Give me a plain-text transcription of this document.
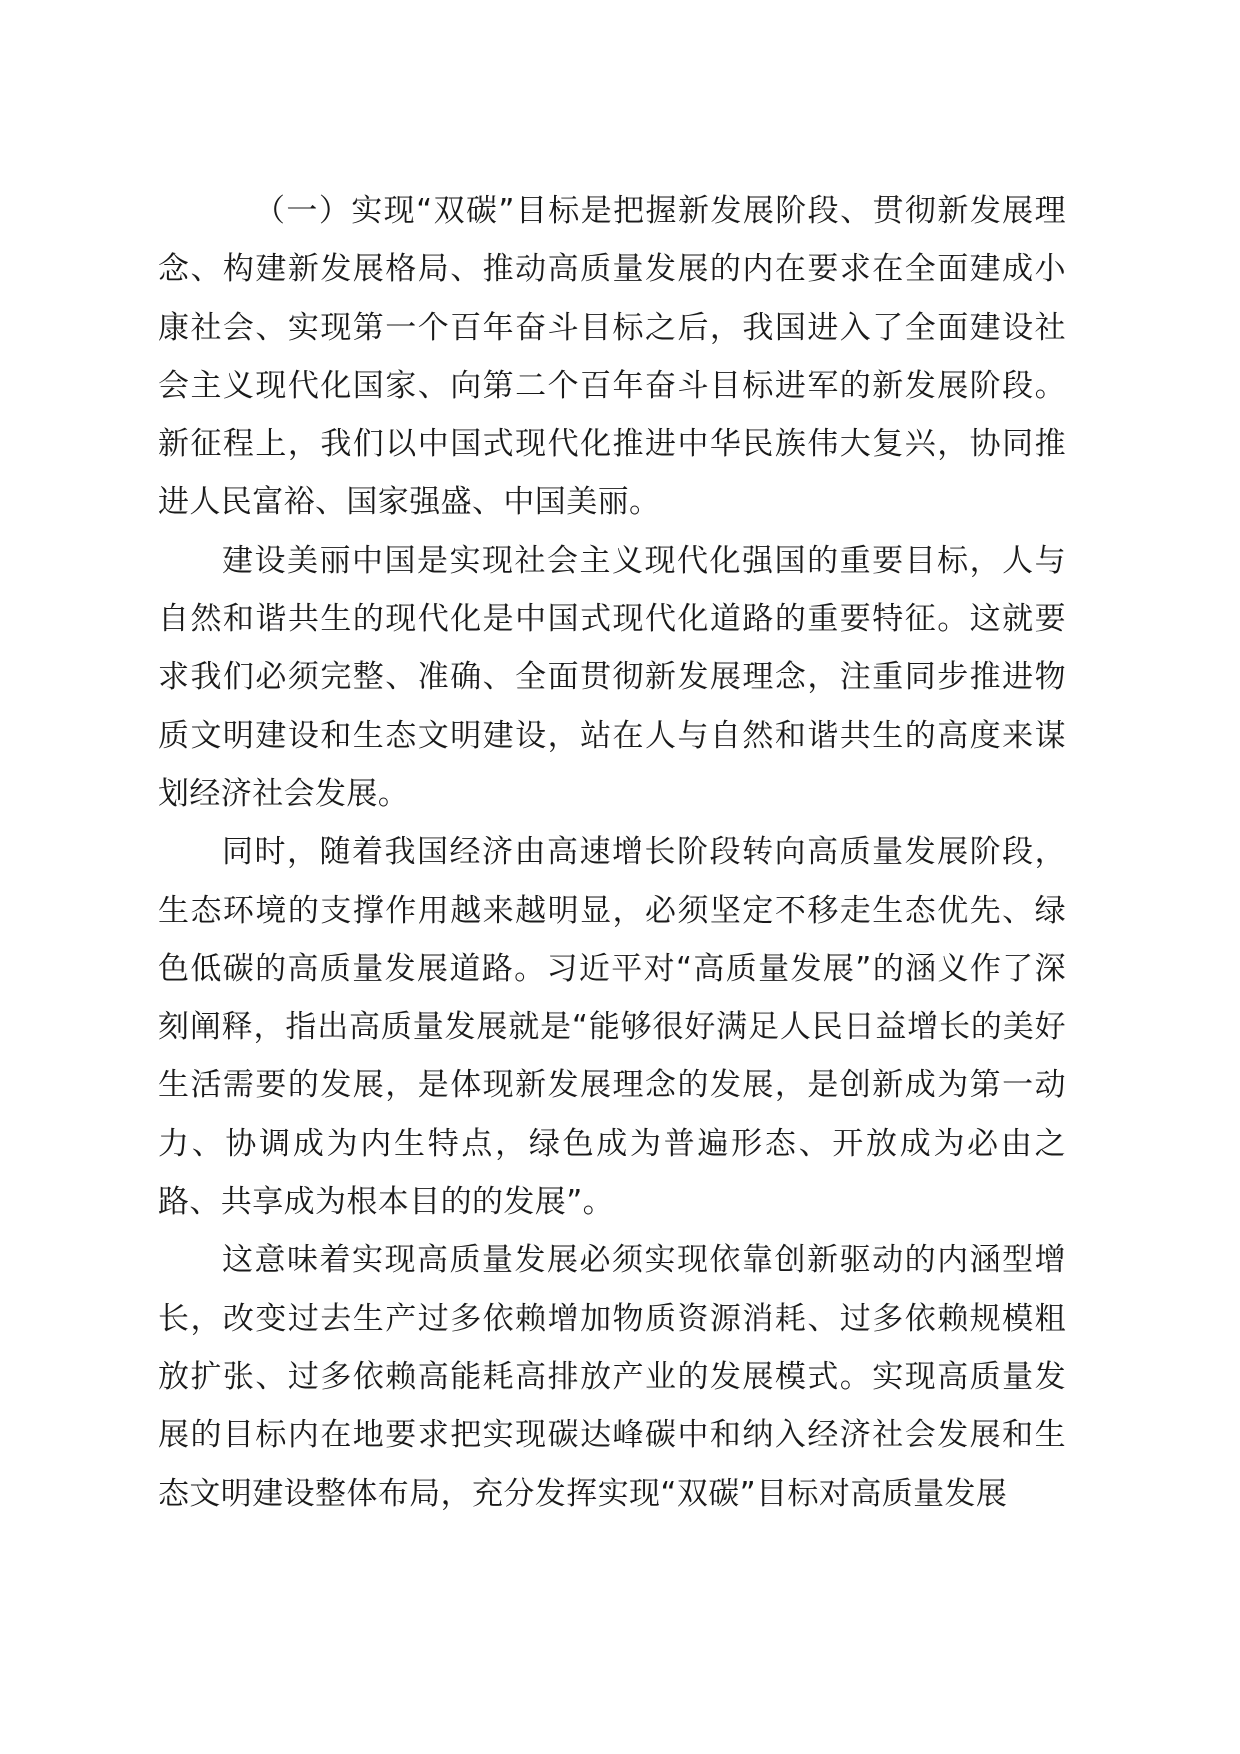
（一）实现“双碳”目标是把握新发展阶段、贯彻新发展理念、构建新发展格局、推动高质量发展的内在要求在全面建成小康社会、实现第一个百年奋斗目标之后，我国进入了全面建设社会主义现代化国家、向第二个百年奋斗目标进军的新发展阶段。新征程上，我们以中国式现代化推进中华民族伟大复兴，协同推进人民富裕、国家强盛、中国美丽。

建设美丽中国是实现社会主义现代化强国的重要目标，人与自然和谐共生的现代化是中国式现代化道路的重要特征。这就要求我们必须完整、准确、全面贯彻新发展理念，注重同步推进物质文明建设和生态文明建设，站在人与自然和谐共生的高度来谋划经济社会发展。

同时，随着我国经济由高速增长阶段转向高质量发展阶段，生态环境的支撑作用越来越明显，必须坚定不移走生态优先、绿色低碳的高质量发展道路。习近平对“高质量发展”的涵义作了深刻阐释，指出高质量发展就是“能够很好满足人民日益增长的美好生活需要的发展，是体现新发展理念的发展，是创新成为第一动力、协调成为内生特点，绿色成为普遍形态、开放成为必由之路、共享成为根本目的的发展”。

这意味着实现高质量发展必须实现依靠创新驱动的内涵型增长，改变过去生产过多依赖增加物质资源消耗、过多依赖规模粗放扩张、过多依赖高能耗高排放产业的发展模式。实现高质量发展的目标内在地要求把实现碳达峰碳中和纳入经济社会发展和生态文明建设整体布局，充分发挥实现“双碳”目标对高质量发展
